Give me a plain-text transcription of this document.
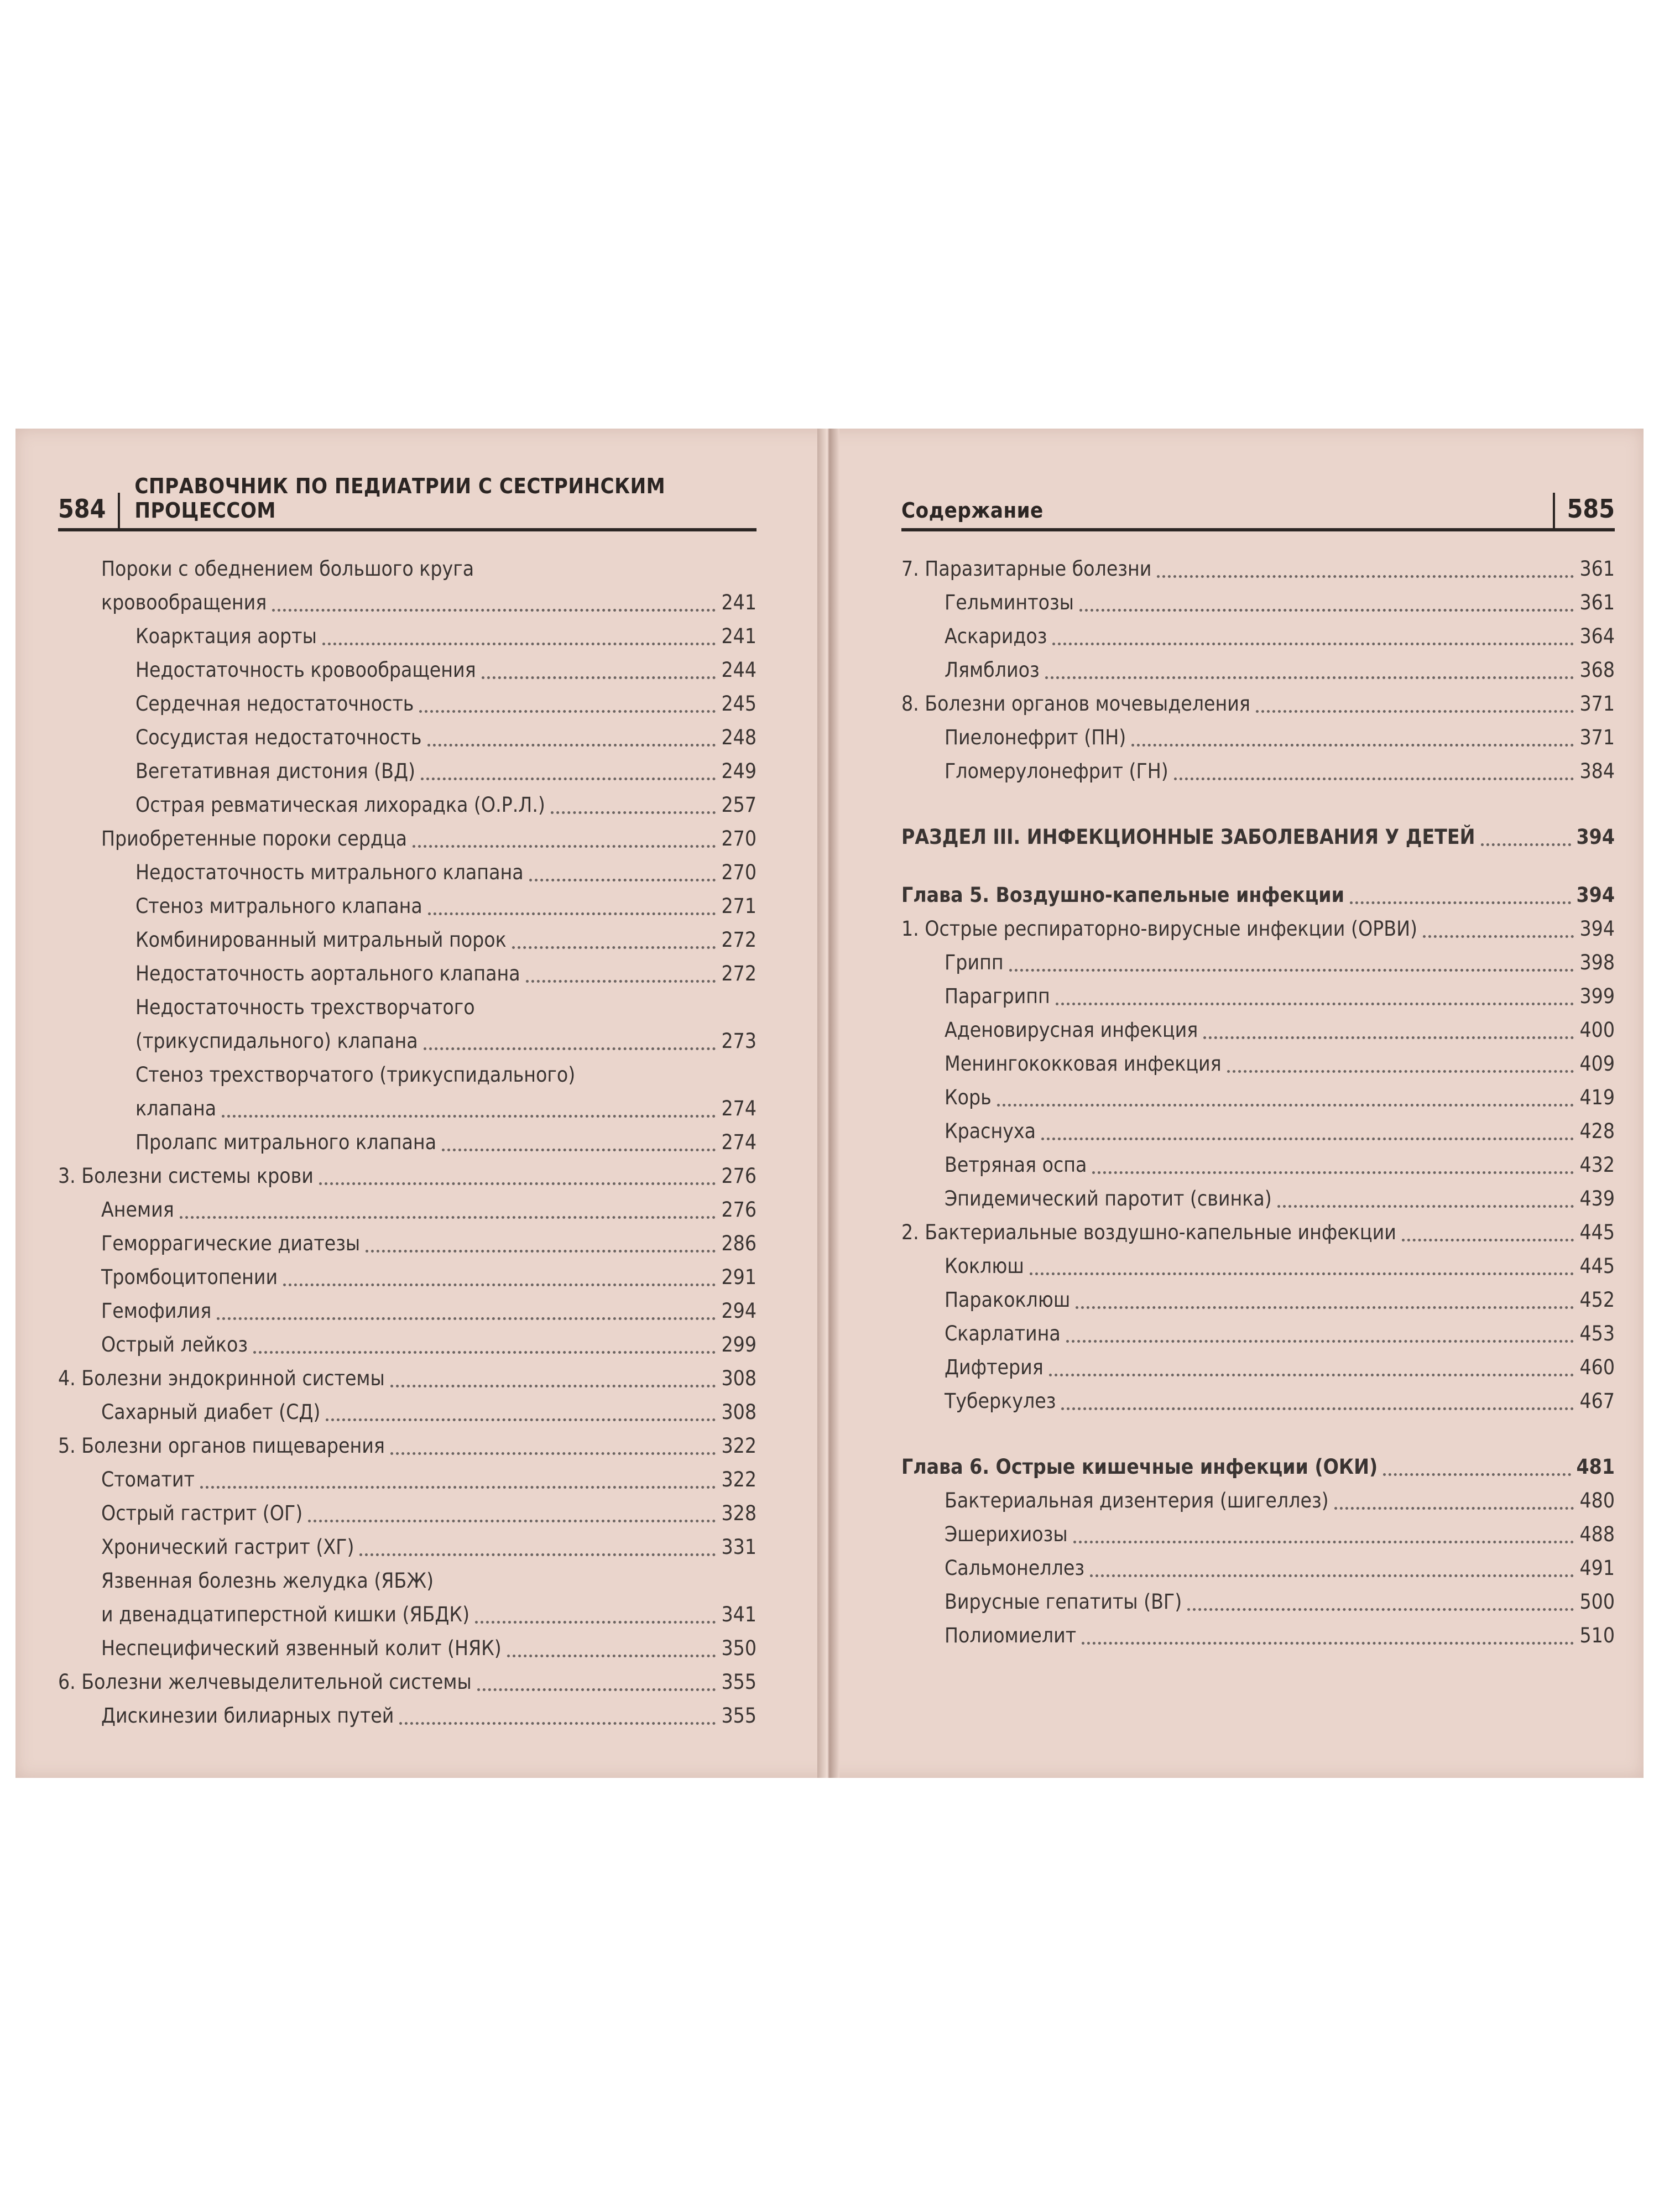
584
СПРАВОЧНИК ПО ПЕДИАТРИИ С СЕСТРИНСКИМ ПРОЦЕССОМ	Содержание	585
Пороки с обеднением большого круга
кровообращения	241
Коарктация аорты	241
Недостаточность кровообращения	244
Сердечная недостаточность	245
Сосудистая недостаточность	248
Вегетативная дистония (ВД)	249
Острая ревматическая лихорадка (О.Р.Л.)	257
Приобретенные пороки сердца	270
Недостаточность митрального клапана	270
Стеноз митрального клапана	271
Комбинированный митральный порок	272
Недостаточность аортального клапана	272
Недостаточность трехстворчатого
(трикуспидального) клапана	273
Стеноз трехстворчатого (трикуспидального)
клапана	274
Пролапс митрального клапана	274
3. Болезни системы крови	276
Анемия	276
Геморрагические диатезы	286
Тромбоцитопении	291
Гемофилия	294
Острый лейкоз	299
4. Болезни эндокринной системы	308
Сахарный диабет (СД)	308
5. Болезни органов пищеварения	322
Стоматит	322
Острый гастрит (ОГ)	328
Хронический гастрит (ХГ)	331
Язвенная болезнь желудка (ЯБЖ)
и двенадцатиперстной кишки (ЯБДК)	341
Неспецифический язвенный колит (НЯК)	350
6. Болезни желчевыделительной системы	355
Дискинезии билиарных путей	355
7. Паразитарные болезни	361
Гельминтозы	361
Аскаридоз	364
Лямблиоз	368
8. Болезни органов мочевыделения	371
Пиелонефрит (ПН)	371
Гломерулонефрит (ГН)	384
РАЗДЕЛ III. ИНФЕКЦИОННЫЕ ЗАБОЛЕВАНИЯ У ДЕТЕЙ	394
Глава 5. Воздушно-капельные инфекции	394
1. Острые респираторно-вирусные инфекции (ОРВИ)	394
Грипп	398
Парагрипп	399
Аденовирусная инфекция	400
Менингококковая инфекция	409
Корь	419
Краснуха	428
Ветряная оспа	432
Эпидемический паротит (свинка)	439
2. Бактериальные воздушно-капельные инфекции	445
Коклюш	445
Паракоклюш	452
Скарлатина	453
Дифтерия	460
Туберкулез	467
Глава 6. Острые кишечные инфекции (ОКИ)	481
Бактериальная дизентерия (шигеллез)	480
Эшерихиозы	488
Сальмонеллез	491
Вирусные гепатиты (ВГ)	500
Полиомиелит	510
